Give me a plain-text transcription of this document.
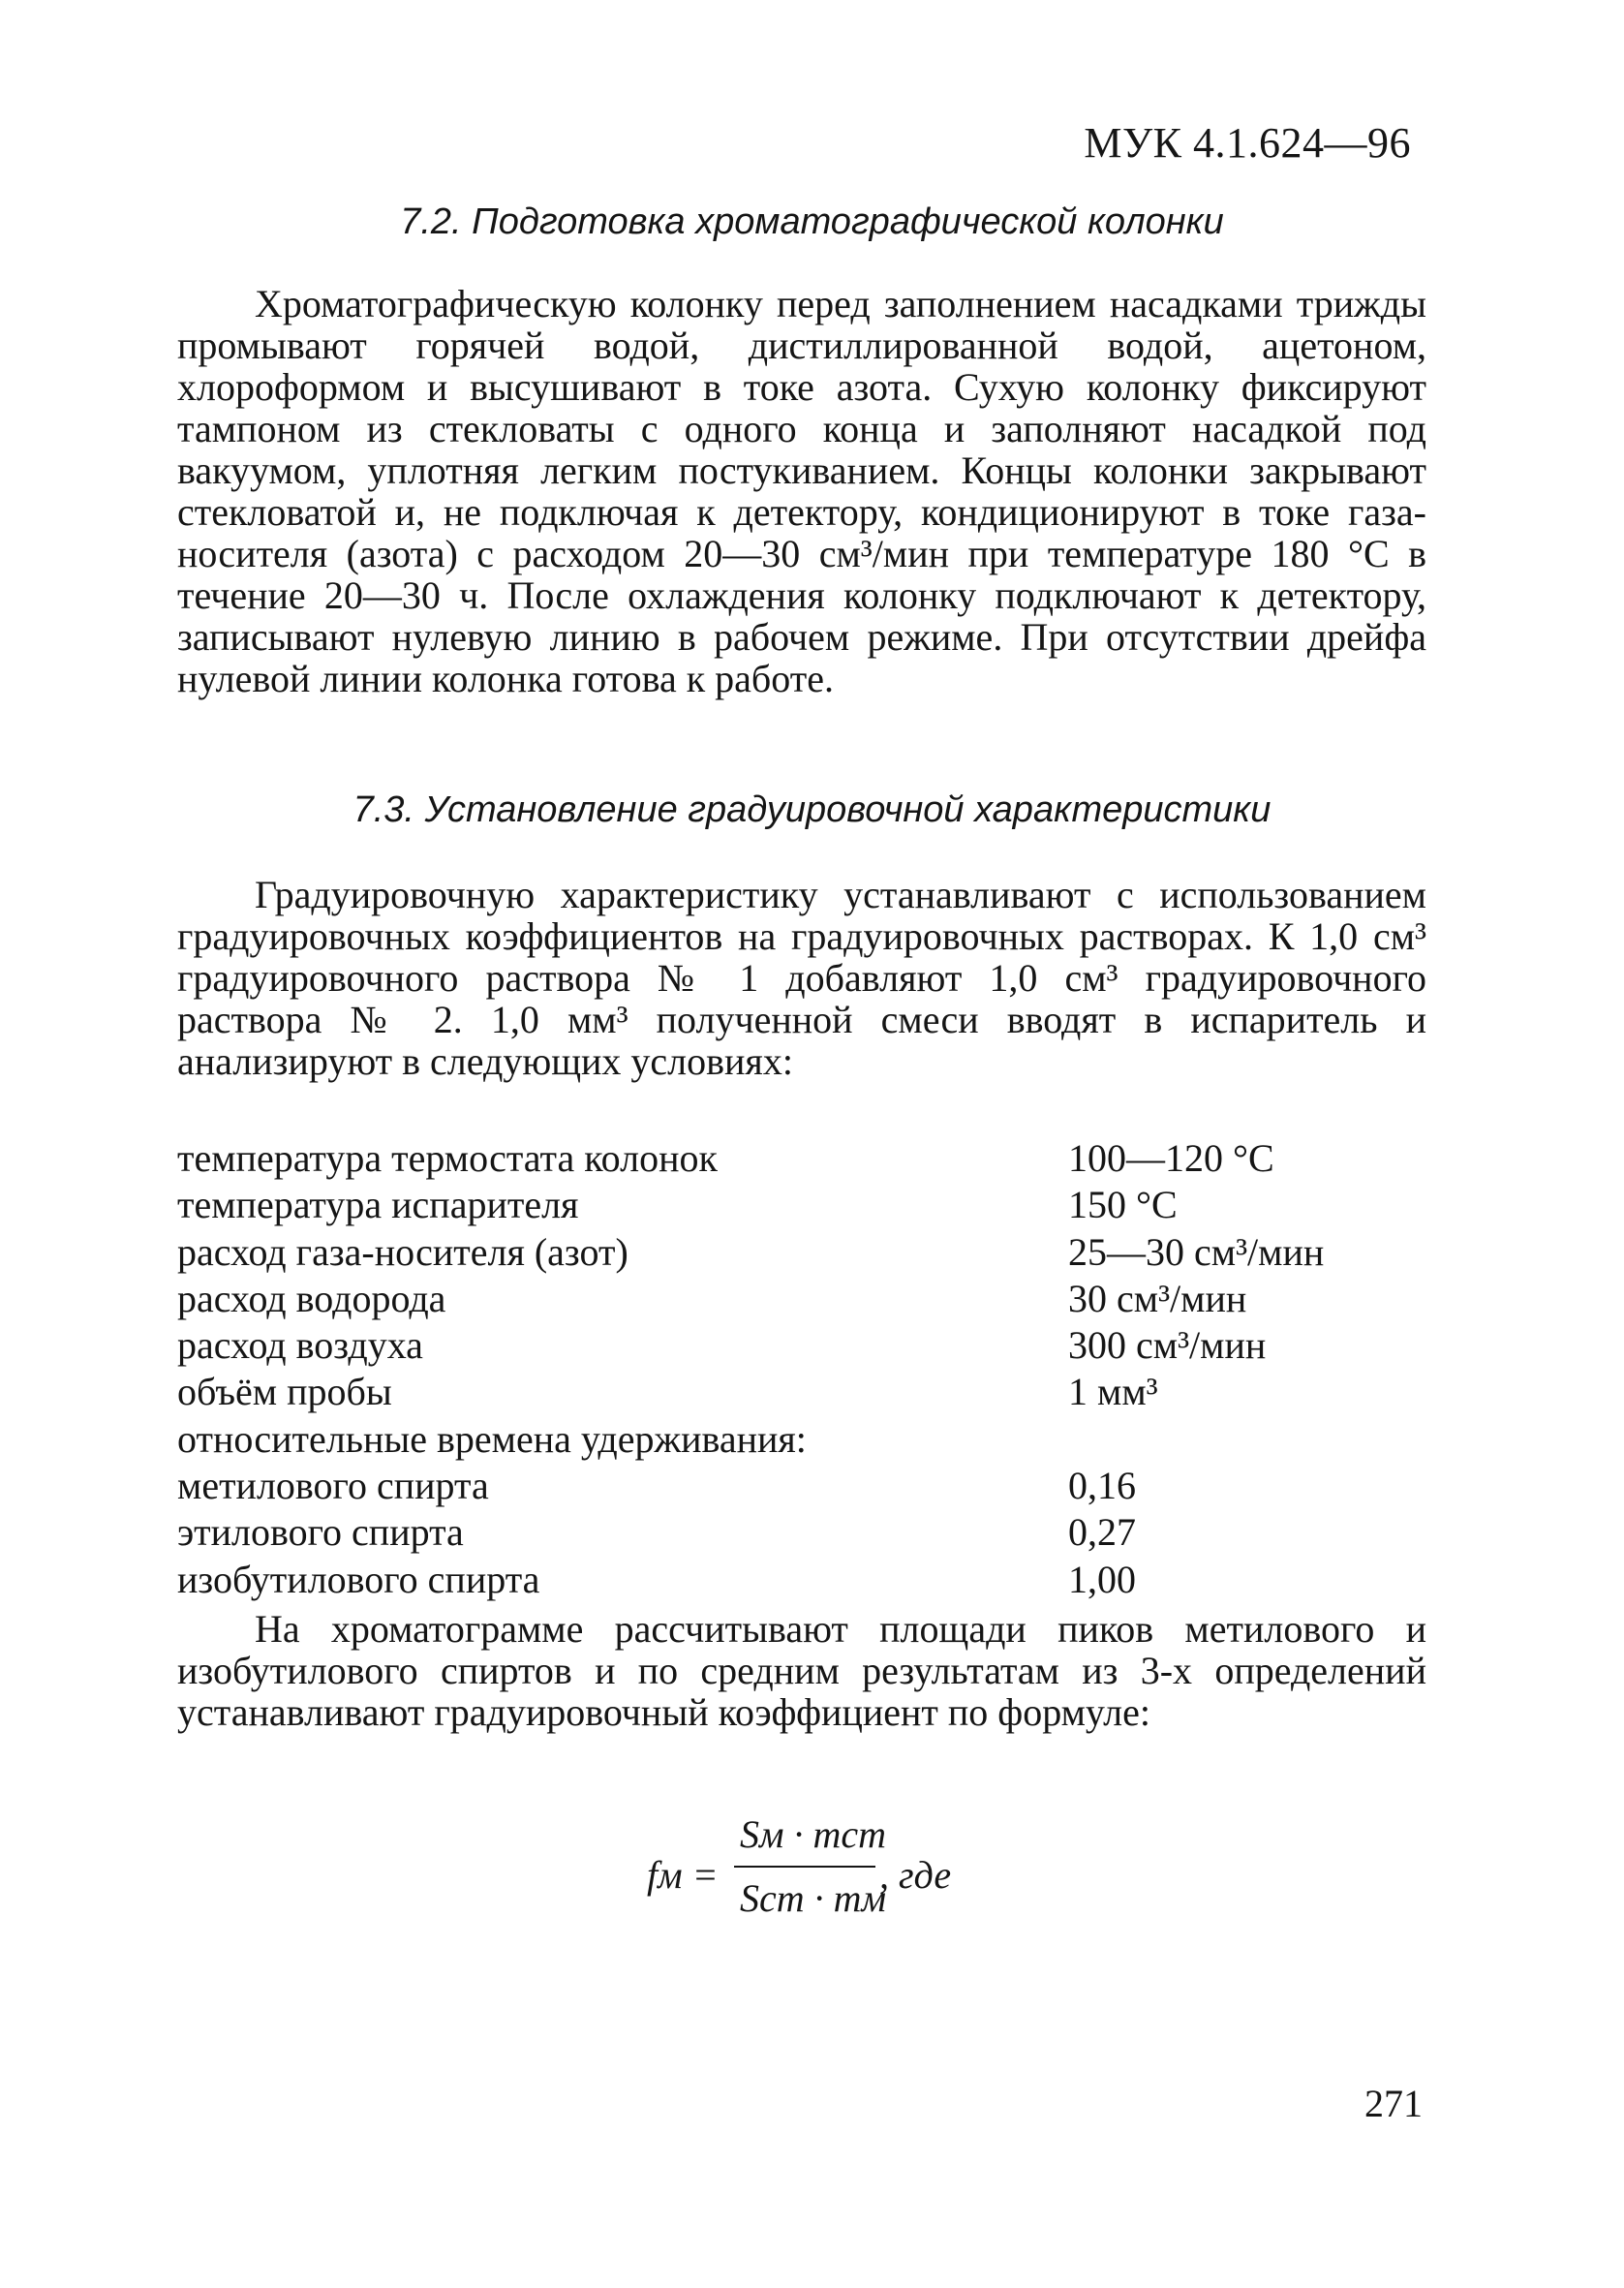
МУК 4.1.624—96
7.2. Подготовка хроматографической колонки

Хроматографическую колонку перед заполнением насадками трижды промывают горячей водой, дистиллированной водой, ацетоном, хлороформом и высушивают в токе азота. Сухую колонку фиксируют тампоном из стекловаты с одного конца и заполняют насадкой под вакуумом, уплотняя легким постукиванием. Концы колонки закрывают стекловатой и, не подключая к детектору, кондиционируют в токе газа-носителя (азота) с расходом 20—30 см³/мин при температуре 180 °С в течение 20—30 ч. После охлаждения колонку подключают к детектору, записывают нулевую линию в рабочем режиме. При отсутствии дрейфа нулевой линии колонка готова к работе.

7.3. Установление градуировочной характеристики

Градуировочную характеристику устанавливают с использованием градуировочных коэффициентов на градуировочных растворах. К 1,0 см³ градуировочного раствора № 1 добавляют 1,0 см³ градуировочного раствора № 2. 1,0 мм³ полученной смеси вводят в испаритель и анализируют в следующих условиях:

температура термостата колонок	100—120 °С
температура испарителя	150 °С
расход газа-носителя (азот)	25—30 см³/мин
расход водорода	30 см³/мин
расход воздуха	300 см³/мин
объём пробы	1 мм³
относительные времена удерживания:
метилового спирта	0,16
этилового спирта	0,27
изобутилового спирта	1,00

На хроматограмме рассчитывают площади пиков метилового и изобутилового спиртов и по средним результатам из 3-х определений устанавливают градуировочный коэффициент по формуле:

fм =
Sм · mст
Sст · mм
, где
271
